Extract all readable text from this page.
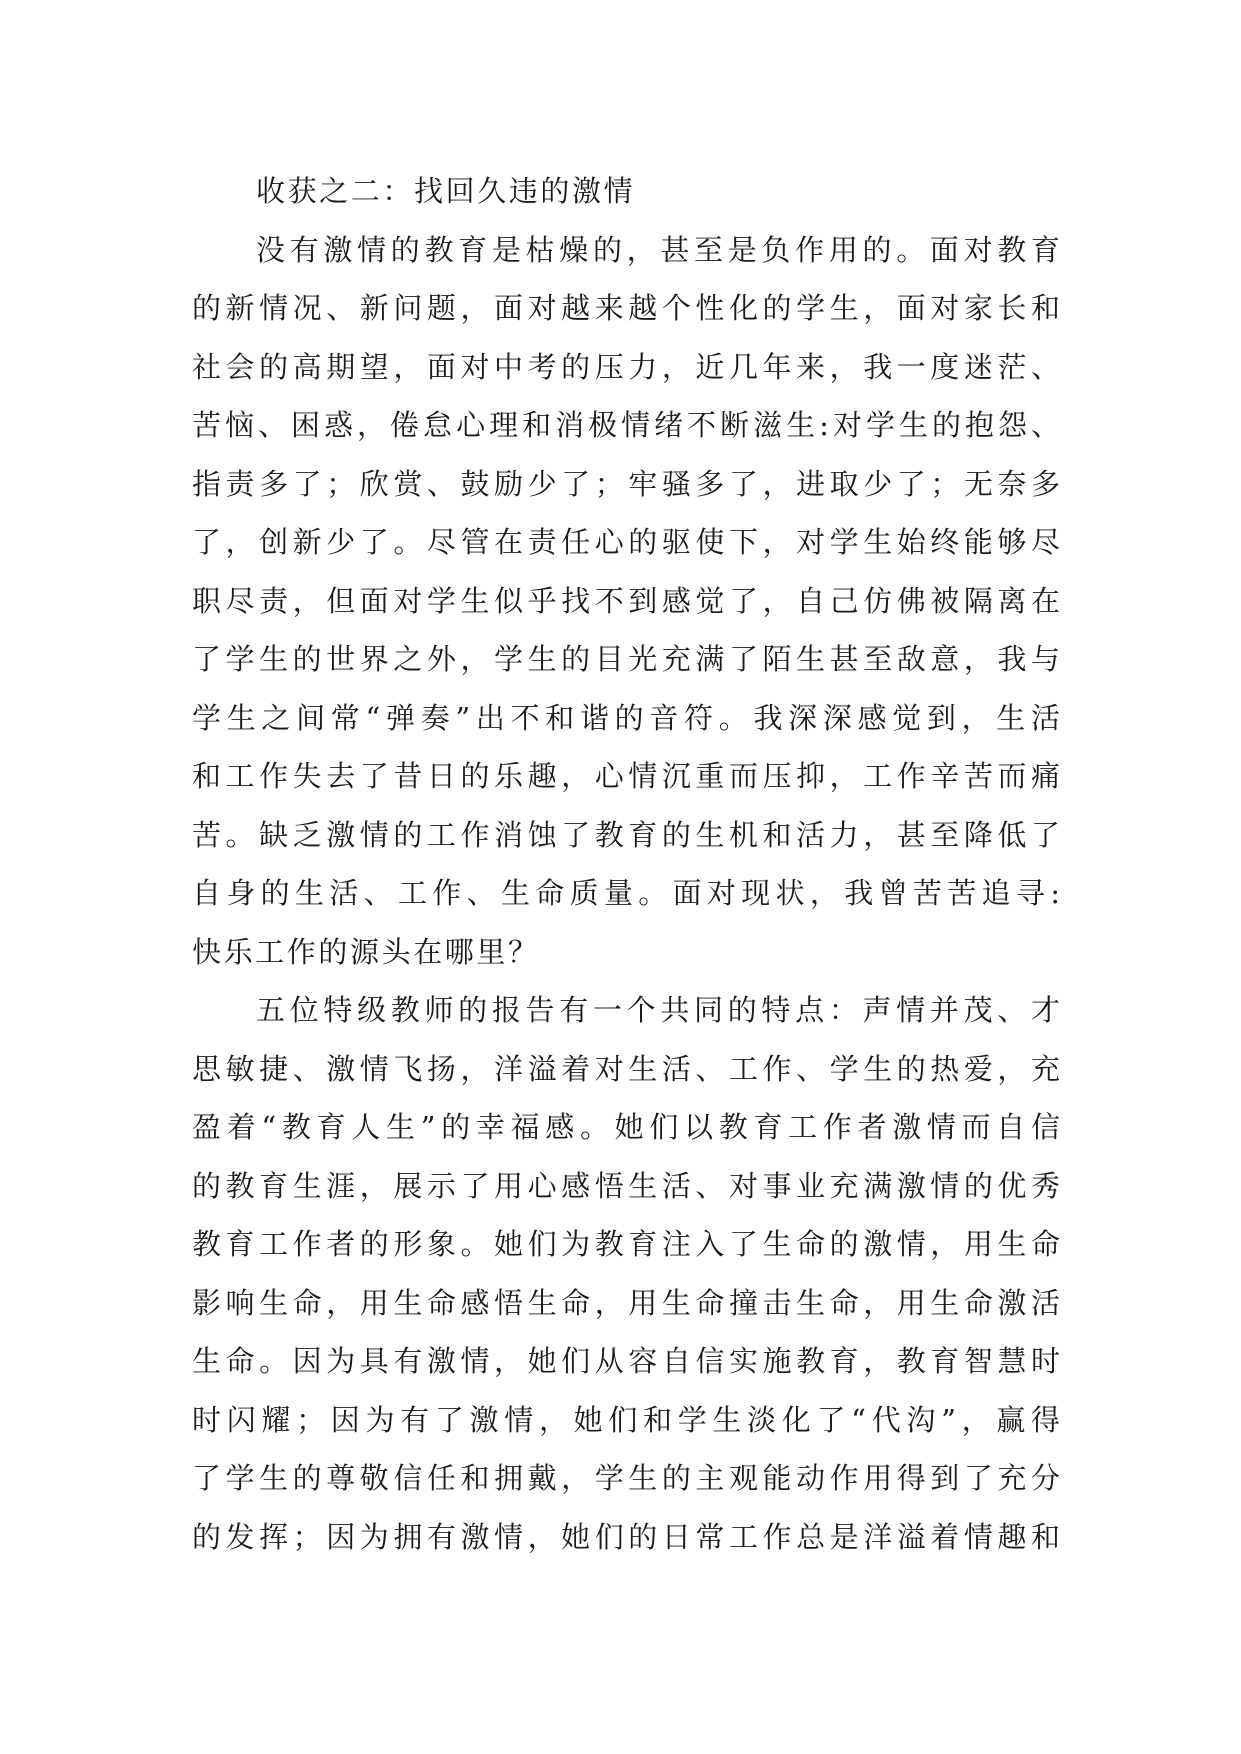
收获之二：找回久违的激情

没有激情的教育是枯燥的，甚至是负作用的。面对教育
的新情况、新问题，面对越来越个性化的学生，面对家长和
社会的高期望，面对中考的压力，近几年来，我一度迷茫、
苦恼、困惑，倦怠心理和消极情绪不断滋生:对学生的抱怨、
指责多了；欣赏、鼓励少了；牢骚多了，进取少了；无奈多
了，创新少了。尽管在责任心的驱使下，对学生始终能够尽
职尽责，但面对学生似乎找不到感觉了，自己仿佛被隔离在
了学生的世界之外，学生的目光充满了陌生甚至敌意，我与
学生之间常“弹奏”出不和谐的音符。我深深感觉到，生活
和工作失去了昔日的乐趣，心情沉重而压抑，工作辛苦而痛
苦。缺乏激情的工作消蚀了教育的生机和活力，甚至降低了
自身的生活、工作、生命质量。面对现状，我曾苦苦追寻:
快乐工作的源头在哪里？

五位特级教师的报告有一个共同的特点：声情并茂、才
思敏捷、激情飞扬，洋溢着对生活、工作、学生的热爱，充
盈着“教育人生”的幸福感。她们以教育工作者激情而自信
的教育生涯，展示了用心感悟生活、对事业充满激情的优秀
教育工作者的形象。她们为教育注入了生命的激情，用生命
影响生命，用生命感悟生命，用生命撞击生命，用生命激活
生命。因为具有激情，她们从容自信实施教育，教育智慧时
时闪耀；因为有了激情，她们和学生淡化了“代沟”，赢得
了学生的尊敬信任和拥戴，学生的主观能动作用得到了充分
的发挥；因为拥有激情，她们的日常工作总是洋溢着情趣和
